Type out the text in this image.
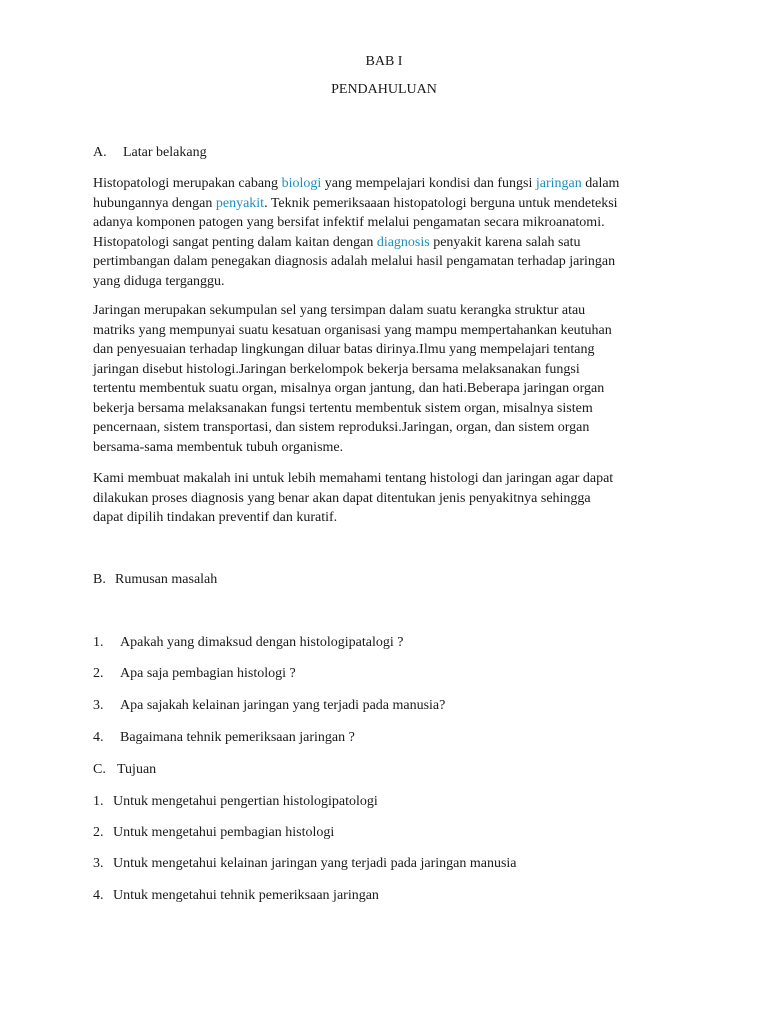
BAB I
PENDAHULUAN
A. Latar belakang
Histopatologi merupakan cabang biologi yang mempelajari kondisi dan fungsi jaringan dalam
hubungannya dengan penyakit. Teknik pemeriksaaan histopatologi berguna untuk mendeteksi
adanya komponen patogen yang bersifat infektif melalui pengamatan secara mikroanatomi.
Histopatologi sangat penting dalam kaitan dengan diagnosis penyakit karena salah satu
pertimbangan dalam penegakan diagnosis adalah melalui hasil pengamatan terhadap jaringan
yang diduga terganggu.
Jaringan merupakan sekumpulan sel yang tersimpan dalam suatu kerangka struktur atau
matriks yang mempunyai suatu kesatuan organisasi yang mampu mempertahankan keutuhan
dan penyesuaian terhadap lingkungan diluar batas dirinya.Ilmu yang mempelajari tentang
jaringan disebut histologi.Jaringan berkelompok bekerja bersama melaksanakan fungsi
tertentu membentuk suatu organ, misalnya organ jantung, dan hati.Beberapa jaringan organ
bekerja bersama melaksanakan fungsi tertentu membentuk sistem organ, misalnya sistem
pencernaan, sistem transportasi, dan sistem reproduksi.Jaringan, organ, dan sistem organ
bersama-sama membentuk tubuh organisme.
Kami membuat makalah ini untuk lebih memahami tentang histologi dan jaringan agar dapat
dilakukan proses diagnosis yang benar akan dapat ditentukan jenis penyakitnya sehingga
dapat dipilih tindakan preventif dan kuratif.
B. Rumusan masalah
1. Apakah yang dimaksud dengan histologipatalogi ?
2. Apa saja pembagian histologi ?
3. Apa sajakah kelainan jaringan yang terjadi pada manusia?
4. Bagaimana tehnik pemeriksaan jaringan ?
C. Tujuan
1. Untuk mengetahui pengertian histologipatologi
2. Untuk mengetahui pembagian histologi
3. Untuk mengetahui kelainan jaringan yang terjadi pada jaringan manusia
4. Untuk mengetahui tehnik pemeriksaan jaringan
